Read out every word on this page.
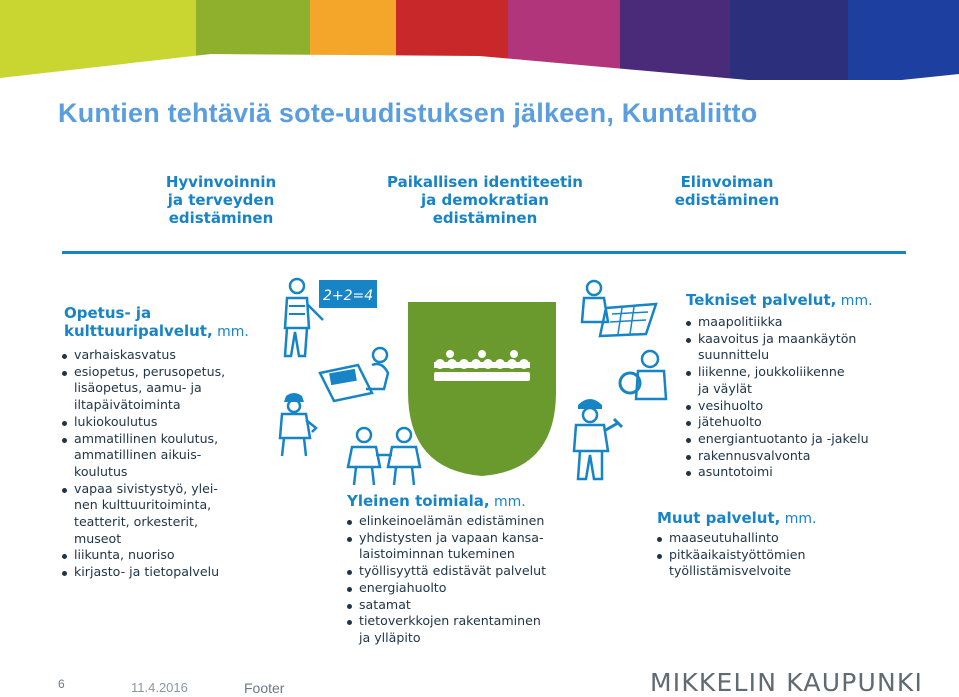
Kuntien tehtäviä sote-uudistuksen jälkeen, Kuntaliitto
Hyvinvoinnin
ja terveyden
edistäminen
Paikallisen identiteetin
ja demokratian
edistäminen
Elinvoiman
edistäminen
Opetus- ja
kulttuuripalvelut, mm.
varhaiskasvatus
esiopetus, perusopetus,
lisäopetus, aamu- ja
iltapäivätoiminta
lukiokoulutus
ammatillinen koulutus,
ammatillinen aikuis-
koulutus
vapaa sivistystyö, ylei-
nen kulttuuritoiminta,
teatterit, orkesterit,
museot
liikunta, nuoriso
kirjasto- ja tietopalvelu
Tekniset palvelut, mm.
maapolitiikka
kaavoitus ja maankäytön
suunnittelu
liikenne, joukkoliikenne
ja väylät
vesihuolto
jätehuolto
energiantuotanto ja -jakelu
rakennusvalvonta
asuntotoimi
Yleinen toimiala, mm.
elinkeinoelämän edistäminen
yhdistysten ja vapaan kansa-
laistoiminnan tukeminen
työllisyyttä edistävät palvelut
energiahuolto
satamat
tietoverkkojen rakentaminen
ja ylläpito
Muut palvelut, mm.
maaseutuhallinto
pitkäaikaistyöttömien
työllistämisvelvoite
2+2=4
6	11.4.2016	Footer	MIKKELIN KAUPUNKI
